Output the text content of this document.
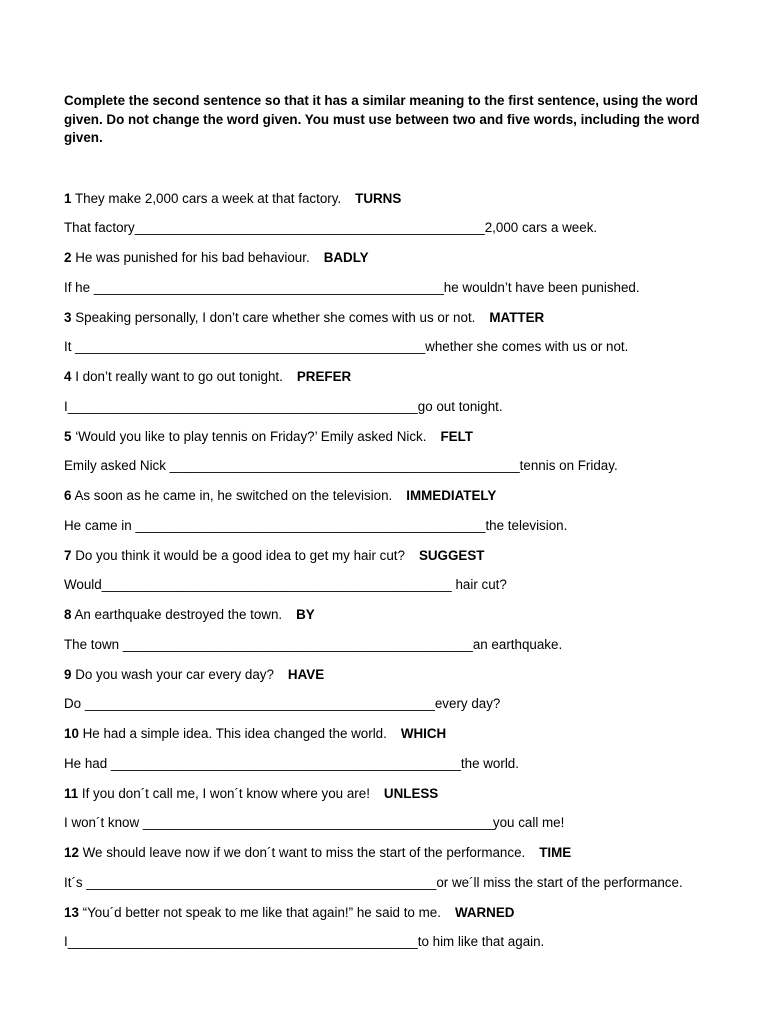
Complete the second sentence so that it has a similar meaning to the first sentence, using the word given. Do not change the word given. You must use between two and five words, including the word given.

1 They make 2,000 cars a week at that factory. TURNS

That factory_______________________________________________2,000 cars a week.

2 He was punished for his bad behaviour. BADLY

If he _______________________________________________he wouldn’t have been punished.

3 Speaking personally, I don’t care whether she comes with us or not. MATTER

It _______________________________________________whether she comes with us or not.

4 I don’t really want to go out tonight. PREFER

I_______________________________________________go out tonight.

5 ‘Would you like to play tennis on Friday?’ Emily asked Nick. FELT

Emily asked Nick _______________________________________________tennis on Friday.

6 As soon as he came in, he switched on the television. IMMEDIATELY

He came in _______________________________________________the television.

7 Do you think it would be a good idea to get my hair cut? SUGGEST

Would_______________________________________________ hair cut?

8 An earthquake destroyed the town. BY

The town _______________________________________________an earthquake.

9 Do you wash your car every day? HAVE

Do _______________________________________________every day?

10 He had a simple idea. This idea changed the world. WHICH

He had _______________________________________________the world.

11 If you don´t call me, I won´t know where you are! UNLESS

I won´t know _______________________________________________you call me!

12 We should leave now if we don´t want to miss the start of the performance. TIME

It´s _______________________________________________or we´ll miss the start of the performance.

13 “You´d better not speak to me like that again!” he said to me. WARNED

I_______________________________________________to him like that again.
